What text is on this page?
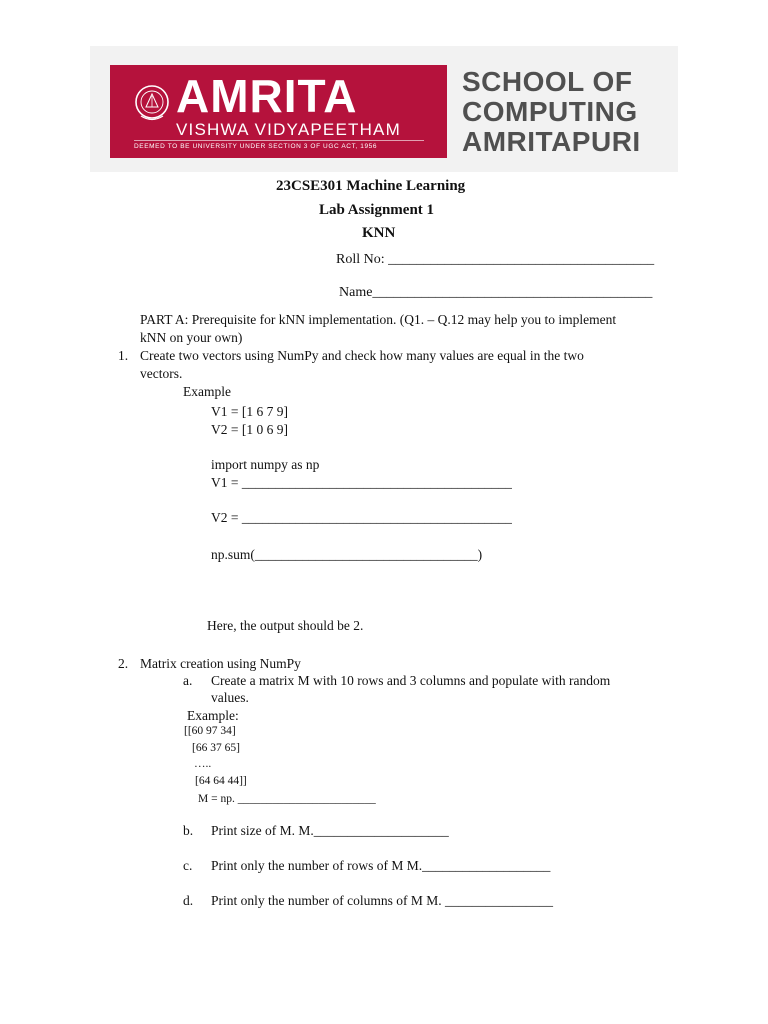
AMRITA
VISHWA VIDYAPEETHAM
DEEMED TO BE UNIVERSITY UNDER SECTION 3 OF UGC ACT, 1956
SCHOOL OF
COMPUTING
AMRITAPURI
23CSE301 Machine Learning
Lab Assignment 1
KNN
Roll No: ______________________________________
Name________________________________________
PART A: Prerequisite for kNN implementation. (Q1. – Q.12 may help you to implement
kNN on your own)
1. Create two vectors using NumPy and check how many values are equal in the two
vectors.
Example
V1 = [1 6 7 9]
V2 = [1 0 6 9]
import numpy as np
V1 = ________________________________________
V2 = ________________________________________
np.sum(_________________________________)
Here, the output should be 2.
2. Matrix creation using NumPy
a. Create a matrix M with 10 rows and 3 columns and populate with random
values.
Example:
[[60 97 34]
[66 37 65]
…..
[64 64 44]]
M = np. ________________________
b. Print size of M. M.____________________
c. Print only the number of rows of M M.___________________
d. Print only the number of columns of M M. ________________
